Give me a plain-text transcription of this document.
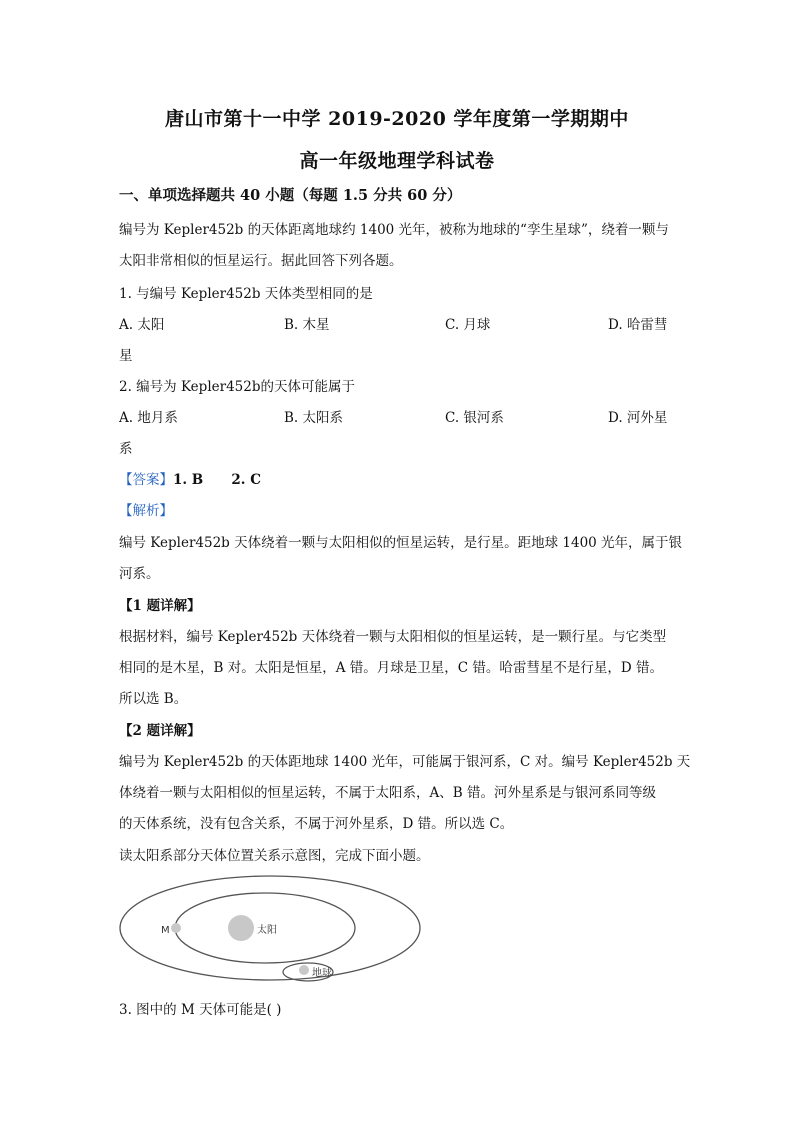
唐山市第十一中学 2019-2020 学年度第一学期期中
高一年级地理学科试卷
一、单项选择题共 40 小题（每题 1.5 分共 60 分）
编号为 Kepler452b 的天体距离地球约 1400 光年，被称为地球的“孪生星球”，绕着一颗与
太阳非常相似的恒星运行。据此回答下列各题。
1. 与编号 Kepler452b 天体类型相同的是
A. 太阳	B. 木星	C. 月球	D. 哈雷彗
星
2. 编号为 Kepler452b的天体可能属于
A. 地月系	B. 太阳系	C. 银河系	D. 河外星
系
【答案】1. B      2. C
【解析】
编号 Kepler452b 天体绕着一颗与太阳相似的恒星运转，是行星。距地球 1400 光年，属于银
河系。
【1 题详解】
根据材料，编号 Kepler452b 天体绕着一颗与太阳相似的恒星运转，是一颗行星。与它类型
相同的是木星，B 对。太阳是恒星，A 错。月球是卫星，C 错。哈雷彗星不是行星，D 错。
所以选 B。
【2 题详解】
编号为 Kepler452b 的天体距地球 1400 光年，可能属于银河系，C 对。编号 Kepler452b 天
体绕着一颗与太阳相似的恒星运转，不属于太阳系，A、B 错。河外星系是与银河系同等级
的天体系统，没有包含关系，不属于河外星系，D 错。所以选 C。
读太阳系部分天体位置关系示意图，完成下面小题。
M	太阳
地球
3. 图中的 M 天体可能是( )
